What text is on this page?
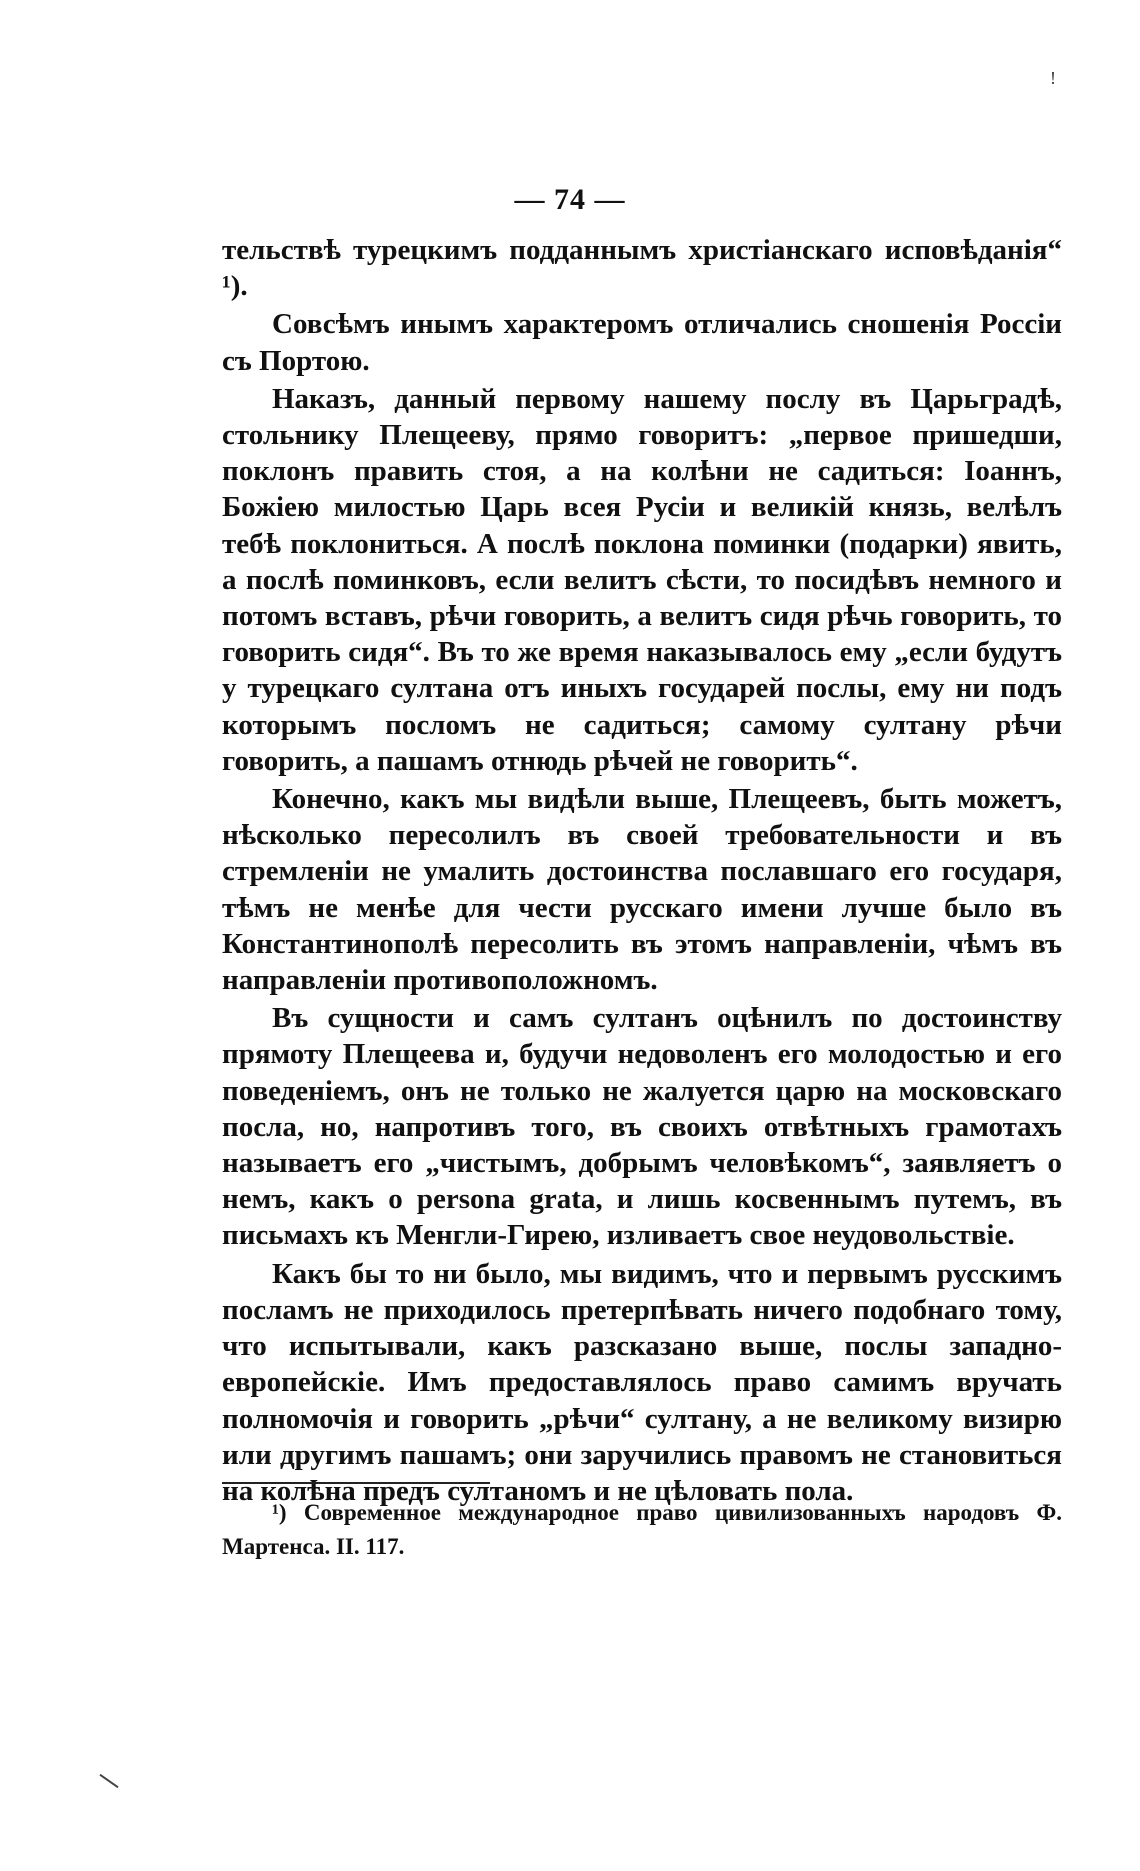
!
— 74 —

тельствѣ турецкимъ подданнымъ христіанскаго исповѣданія“ ¹).

Совсѣмъ инымъ характеромъ отличались сношенія Россіи съ Портою.

Наказъ, данный первому нашему послу въ Царьградѣ, стольнику Плещееву, прямо говоритъ: „первое пришедши, поклонъ править стоя, а на колѣни не садиться: Іоаннъ, Божіею милостью Царь всея Русіи и великій князь, велѣлъ тебѣ поклониться. А послѣ поклона поминки (подарки) явить, а послѣ поминковъ, если велитъ сѣсти, то посидѣвъ немного и потомъ вставъ, рѣчи говорить, а велитъ сидя рѣчь говорить, то говорить сидя“. Въ то же время наказывалось ему „если будутъ у турецкаго султана отъ иныхъ государей послы, ему ни подъ которымъ посломъ не садиться; самому султану рѣчи говорить, а пашамъ отнюдь рѣчей не говорить“.

Конечно, какъ мы видѣли выше, Плещеевъ, быть можетъ, нѣсколько пересолилъ въ своей требовательности и въ стремленіи не умалить достоинства пославшаго его государя, тѣмъ не менѣе для чести русскаго имени лучше было въ Константинополѣ пересолить въ этомъ направленіи, чѣмъ въ направленіи противоположномъ.

Въ сущности и самъ султанъ оцѣнилъ по достоинству прямоту Плещеева и, будучи недоволенъ его молодостью и его поведеніемъ, онъ не только не жалуется царю на московскаго посла, но, напротивъ того, въ своихъ отвѣтныхъ грамотахъ называетъ его „чистымъ, добрымъ человѣкомъ“, заявляетъ о немъ, какъ о persona grata, и лишь косвеннымъ путемъ, въ письмахъ къ Менгли-Гирею, изливаетъ свое неудовольствіе.

Какъ бы то ни было, мы видимъ, что и первымъ русскимъ посламъ не приходилось претерпѣвать ничего подобнаго тому, что испытывали, какъ разсказано выше, послы западно-европейскіе. Имъ предоставлялось право самимъ вручать полномочія и говорить „рѣчи“ султану, а не великому визирю или другимъ пашамъ; они заручились правомъ не становиться на колѣна предъ султаномъ и не цѣловать пола.

¹) Современное международное право цивилизованныхъ народовъ Ф. Мартенса. II. 117.
